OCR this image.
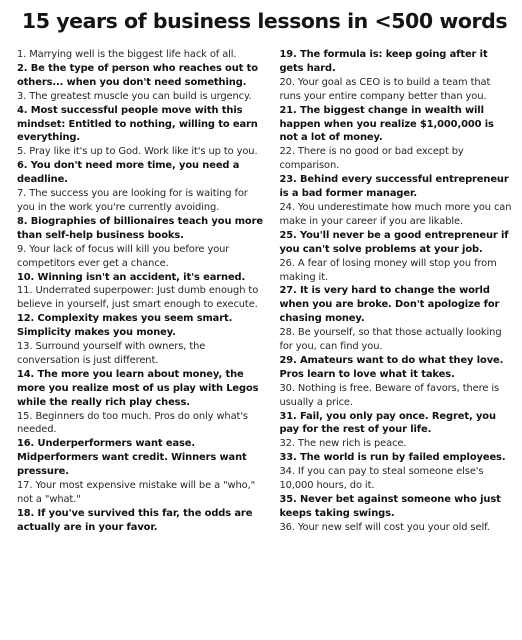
15 years of business lessons in <500 words

1. Marrying well is the biggest life hack of all.

2. Be the type of person who reaches out to others... when you don't need something.

3. The greatest muscle you can build is urgency.

4. Most successful people move with this mindset: Entitled to nothing, willing to earn everything.

5. Pray like it's up to God. Work like it's up to you.

6. You don't need more time, you need a deadline.

7. The success you are looking for is waiting for you in the work you're currently avoiding.

8. Biographies of billionaires teach you more than self-help business books.

9. Your lack of focus will kill you before your competitors ever get a chance.

10. Winning isn't an accident, it's earned.

11. Underrated superpower: Just dumb enough to believe in yourself, just smart enough to execute.

12. Complexity makes you seem smart. Simplicity makes you money.

13. Surround yourself with owners, the conversation is just different.

14. The more you learn about money, the more you realize most of us play with Legos while the really rich play chess.

15. Beginners do too much. Pros do only what's needed.

16. Underperformers want ease. Midperformers want credit. Winners want pressure.

17. Your most expensive mistake will be a "who," not a "what."

18. If you've survived this far, the odds are actually are in your favor.

19. The formula is: keep going after it gets hard.

20. Your goal as CEO is to build a team that runs your entire company better than you.

21. The biggest change in wealth will happen when you realize $1,000,000 is not a lot of money.

22. There is no good or bad except by comparison.

23. Behind every successful entrepreneur is a bad former manager.

24. You underestimate how much more you can make in your career if you are likable.

25. You'll never be a good entrepreneur if you can't solve problems at your job.

26. A fear of losing money will stop you from making it.

27. It is very hard to change the world when you are broke. Don't apologize for chasing money.

28. Be yourself, so that those actually looking for you, can find you.

29. Amateurs want to do what they love. Pros learn to love what it takes.

30. Nothing is free. Beware of favors, there is usually a price.

31. Fail, you only pay once. Regret, you pay for the rest of your life.

32. The new rich is peace.

33. The world is run by failed employees.

34. If you can pay to steal someone else's 10,000 hours, do it.

35. Never bet against someone who just keeps taking swings.

36. Your new self will cost you your old self.
